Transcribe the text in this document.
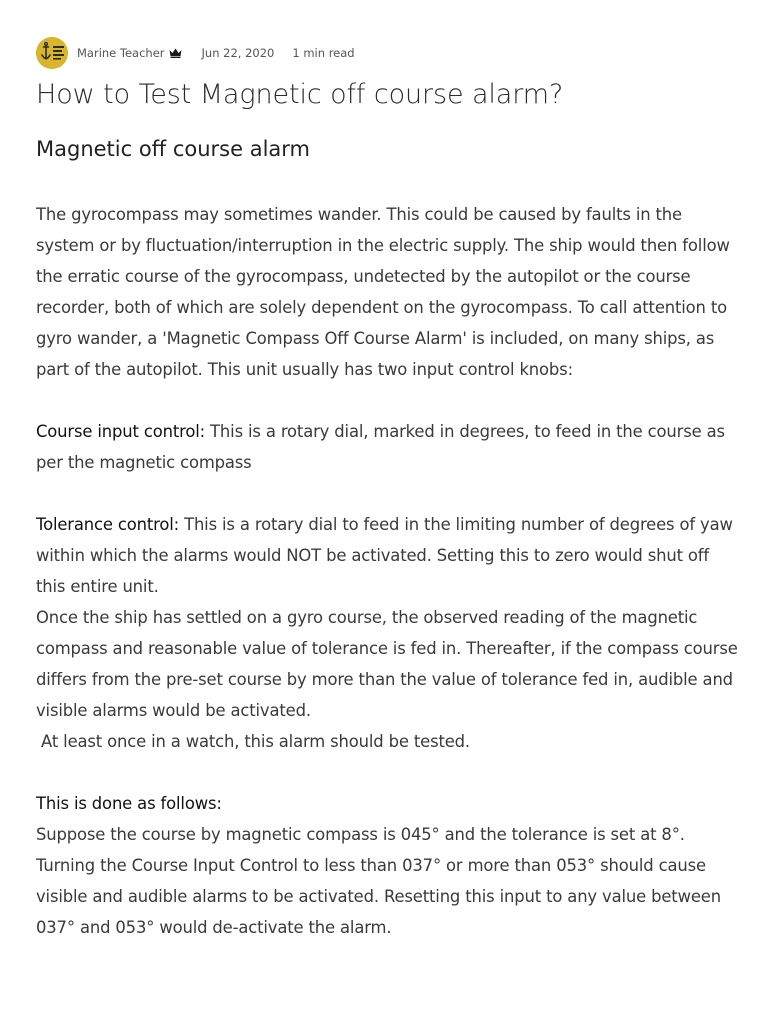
Marine Teacher	Jun 22, 2020 1 min read
How to Test Magnetic off course alarm?
Magnetic off course alarm

The gyrocompass may sometimes wander. This could be caused by faults in the system or by fluctuation/interruption in the electric supply. The ship would then follow the erratic course of the gyrocompass, undetected by the autopilot or the course recorder, both of which are solely dependent on the gyrocompass. To call attention to gyro wander, a 'Magnetic Compass Off Course Alarm' is included, on many ships, as part of the autopilot. This unit usually has two input control knobs:

Course input control: This is a rotary dial, marked in degrees, to feed in the course as per the magnetic compass

Tolerance control: This is a rotary dial to feed in the limiting number of degrees of yaw within which the alarms would NOT be activated. Setting this to zero would shut off this entire unit.

Once the ship has settled on a gyro course, the observed reading of the magnetic compass and reasonable value of tolerance is fed in. Thereafter, if the compass course differs from the pre-set course by more than the value of tolerance fed in, audible and visible alarms would be activated.

At least once in a watch, this alarm should be tested.

This is done as follows:

Suppose the course by magnetic compass is 045° and the tolerance is set at 8°. Turning the Course Input Control to less than 037° or more than 053° should cause visible and audible alarms to be activated. Resetting this input to any value between 037° and 053° would de-activate the alarm.
